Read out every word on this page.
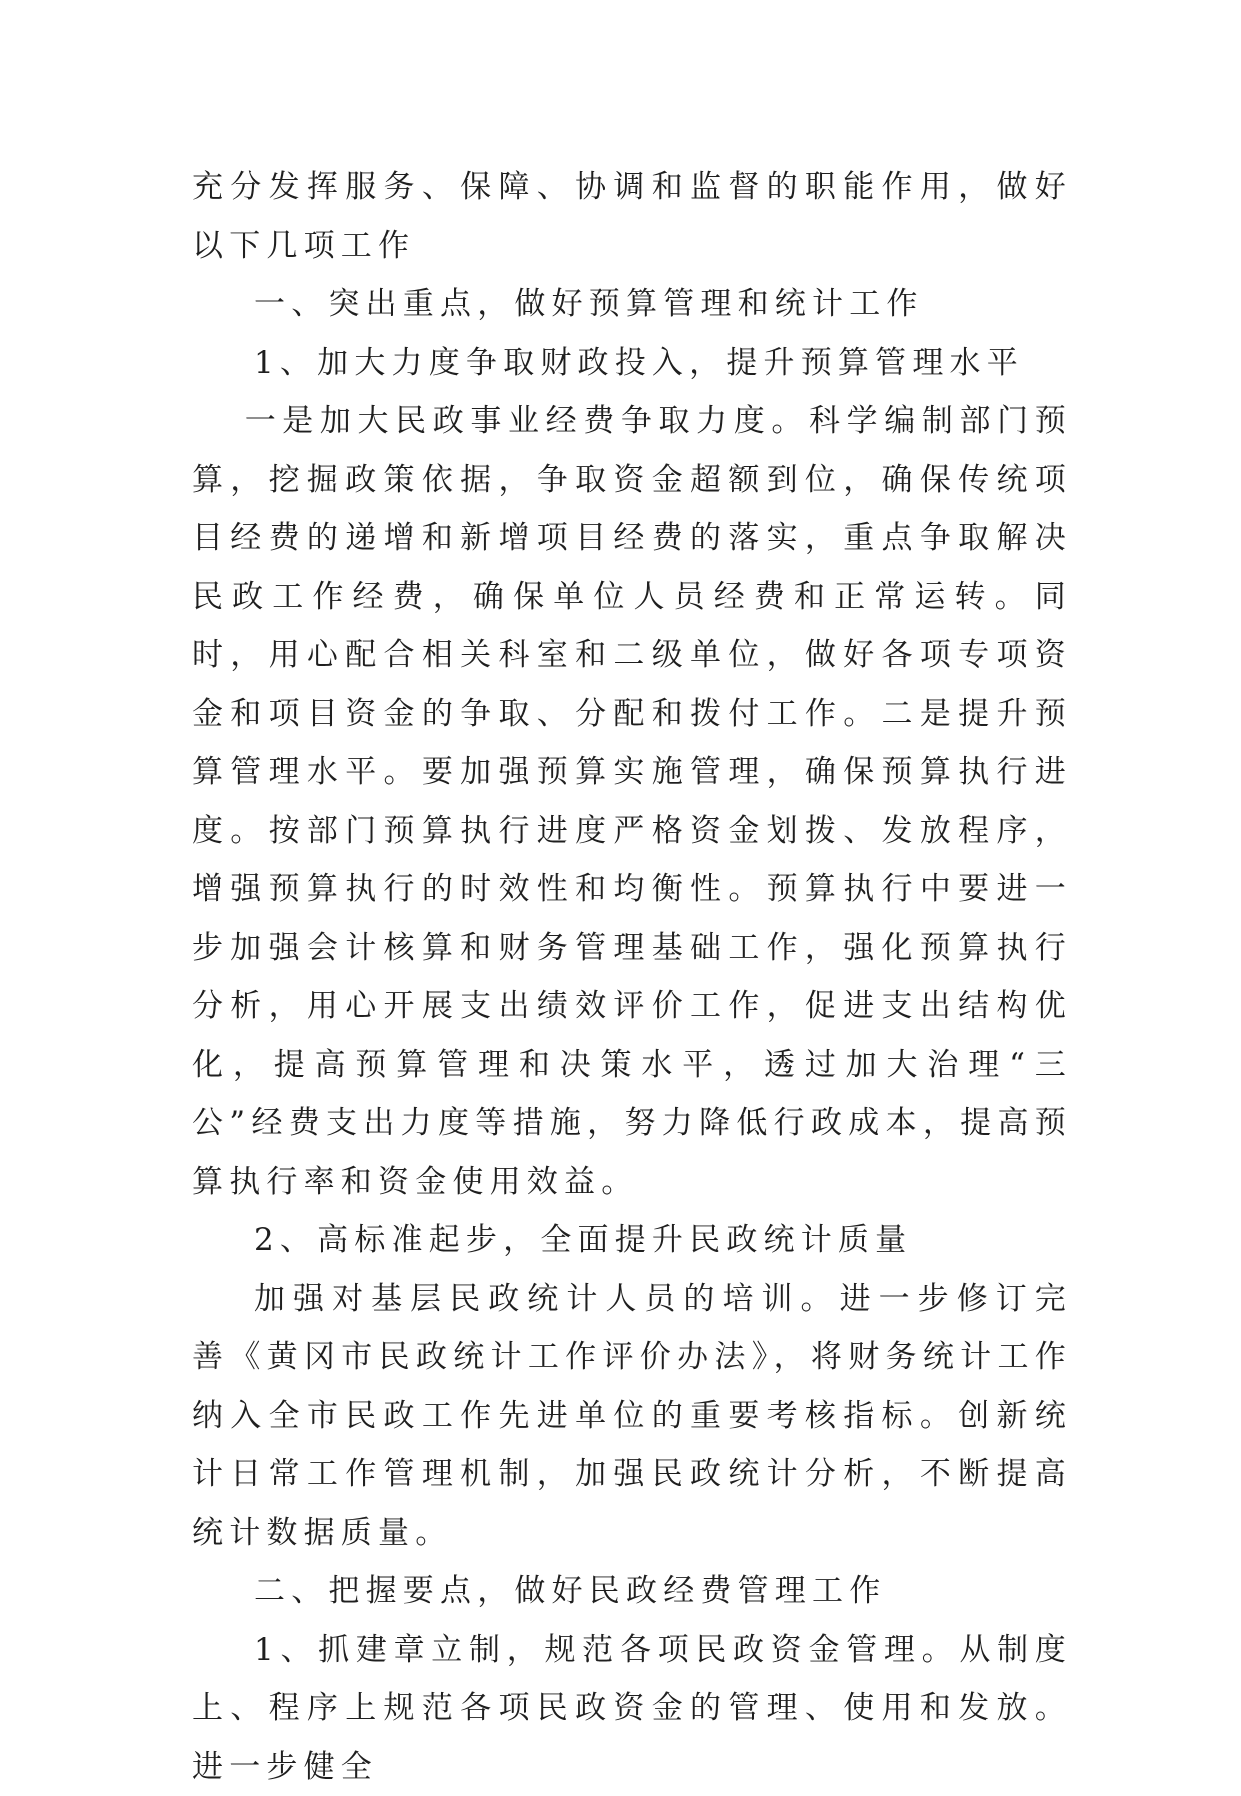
充分发挥服务、保障、协调和监督的职能作用，做好以下几项工作

一、突出重点，做好预算管理和统计工作

1、加大力度争取财政投入，提升预算管理水平

一是加大民政事业经费争取力度。科学编制部门预算，挖掘政策依据，争取资金超额到位，确保传统项目经费的递增和新增项目经费的落实，重点争取解决民政工作经费，确保单位人员经费和正常运转。同时，用心配合相关科室和二级单位，做好各项专项资金和项目资金的争取、分配和拨付工作。二是提升预算管理水平。要加强预算实施管理，确保预算执行进度。按部门预算执行进度严格资金划拨、发放程序，增强预算执行的时效性和均衡性。预算执行中要进一步加强会计核算和财务管理基础工作，强化预算执行分析，用心开展支出绩效评价工作，促进支出结构优化，提高预算管理和决策水平，透过加大治理“三公”经费支出力度等措施，努力降低行政成本，提高预算执行率和资金使用效益。

2、高标准起步，全面提升民政统计质量

加强对基层民政统计人员的培训。进一步修订完善《黄冈市民政统计工作评价办法》，将财务统计工作纳入全市民政工作先进单位的重要考核指标。创新统计日常工作管理机制，加强民政统计分析，不断提高统计数据质量。

二、把握要点，做好民政经费管理工作

1、抓建章立制，规范各项民政资金管理。从制度上、程序上规范各项民政资金的管理、使用和发放。进一步健全
